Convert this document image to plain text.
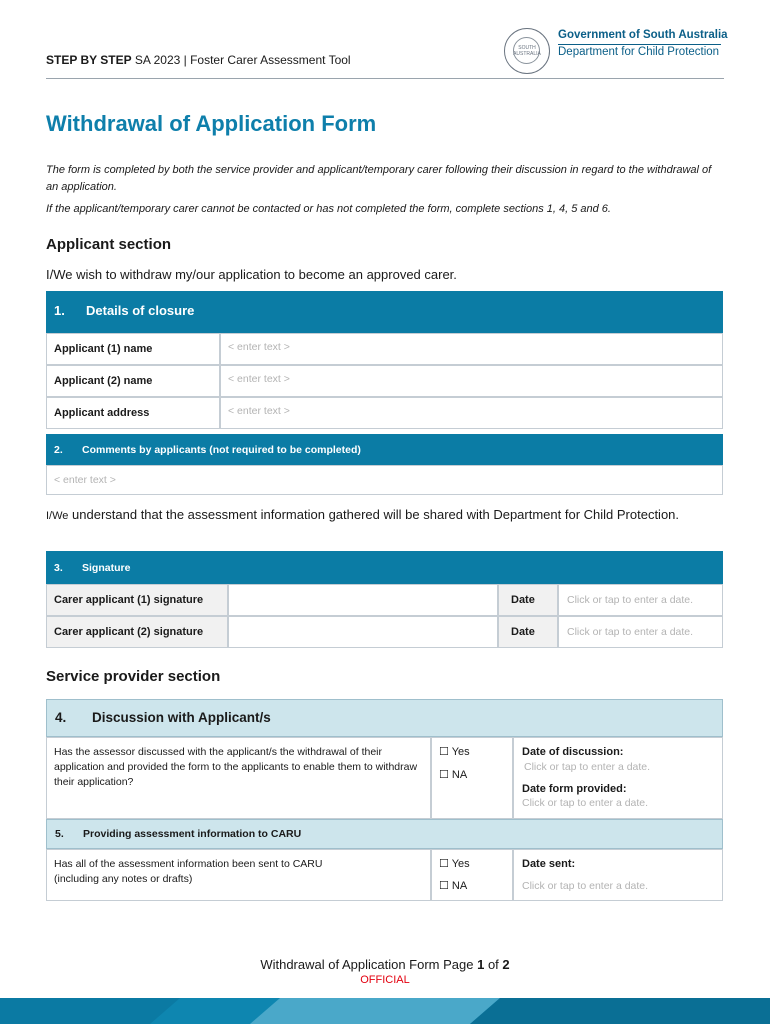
STEP BY STEP SA 2023 | Foster Carer Assessment Tool
SOUTH AUSTRALIA
Government of South Australia
Department for Child Protection
Withdrawal of Application Form
The form is completed by both the service provider and applicant/temporary carer following their discussion in regard to the withdrawal of an application.
If the applicant/temporary carer cannot be contacted or has not completed the form, complete sections 1, 4, 5 and 6.
Applicant section
I/We wish to withdraw my/our application to become an approved carer.
1. Details of closure
Applicant (1) name	< enter text >
Applicant (2) name	< enter text >
Applicant address	< enter text >
2. Comments by applicants (not required to be completed)
< enter text >
I/We understand that the assessment information gathered will be shared with Department for Child Protection.
3. Signature
Carer applicant (1) signature	Date	Click or tap to enter a date.
Carer applicant (2) signature	Date	Click or tap to enter a date.
Service provider section
4. Discussion with Applicant/s
Has the assessor discussed with the applicant/s the withdrawal of their application and provided the form to the applicants to enable them to withdraw their application?
☐ Yes
☐ NA
Date of discussion:
Click or tap to enter a date.
Date form provided:
Click or tap to enter a date.
5. Providing assessment information to CARU
Has all of the assessment information been sent to CARU (including any notes or drafts)
☐ Yes
☐ NA
Date sent:
Click or tap to enter a date.
Withdrawal of Application Form Page 1 of 2
OFFICIAL
